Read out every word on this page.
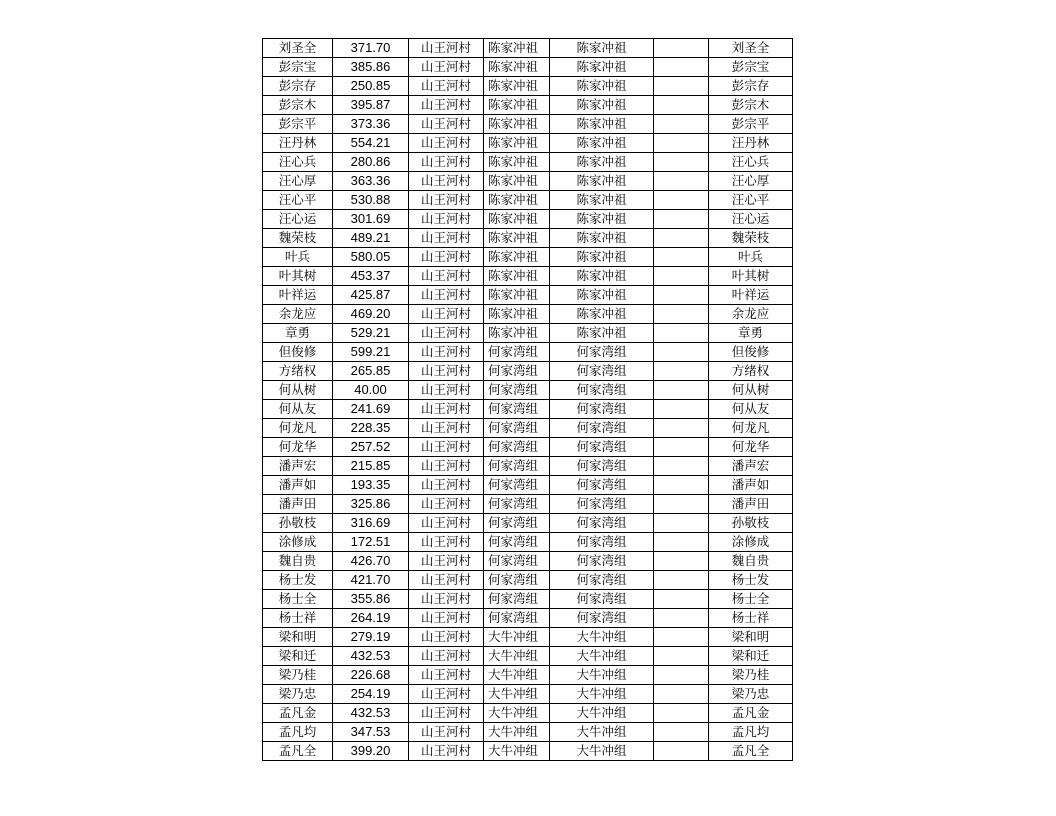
刘圣全	371.70	山王河村	陈家冲祖	陈家冲祖		刘圣全
彭宗宝	385.86	山王河村	陈家冲祖	陈家冲祖		彭宗宝
彭宗存	250.85	山王河村	陈家冲祖	陈家冲祖		彭宗存
彭宗木	395.87	山王河村	陈家冲祖	陈家冲祖		彭宗木
彭宗平	373.36	山王河村	陈家冲祖	陈家冲祖		彭宗平
汪丹林	554.21	山王河村	陈家冲祖	陈家冲祖		汪丹林
汪心兵	280.86	山王河村	陈家冲祖	陈家冲祖		汪心兵
汪心厚	363.36	山王河村	陈家冲祖	陈家冲祖		汪心厚
汪心平	530.88	山王河村	陈家冲祖	陈家冲祖		汪心平
汪心运	301.69	山王河村	陈家冲祖	陈家冲祖		汪心运
魏荣枝	489.21	山王河村	陈家冲祖	陈家冲祖		魏荣枝
叶兵	580.05	山王河村	陈家冲祖	陈家冲祖		叶兵
叶其树	453.37	山王河村	陈家冲祖	陈家冲祖		叶其树
叶祥运	425.87	山王河村	陈家冲祖	陈家冲祖		叶祥运
余龙应	469.20	山王河村	陈家冲祖	陈家冲祖		余龙应
章勇	529.21	山王河村	陈家冲祖	陈家冲祖		章勇
但俊修	599.21	山王河村	何家湾组	何家湾组		但俊修
方绪权	265.85	山王河村	何家湾组	何家湾组		方绪权
何从树	40.00	山王河村	何家湾组	何家湾组		何从树
何从友	241.69	山王河村	何家湾组	何家湾组		何从友
何龙凡	228.35	山王河村	何家湾组	何家湾组		何龙凡
何龙华	257.52	山王河村	何家湾组	何家湾组		何龙华
潘声宏	215.85	山王河村	何家湾组	何家湾组		潘声宏
潘声如	193.35	山王河村	何家湾组	何家湾组		潘声如
潘声田	325.86	山王河村	何家湾组	何家湾组		潘声田
孙敬枝	316.69	山王河村	何家湾组	何家湾组		孙敬枝
涂修成	172.51	山王河村	何家湾组	何家湾组		涂修成
魏自贵	426.70	山王河村	何家湾组	何家湾组		魏自贵
杨士发	421.70	山王河村	何家湾组	何家湾组		杨士发
杨士全	355.86	山王河村	何家湾组	何家湾组		杨士全
杨士祥	264.19	山王河村	何家湾组	何家湾组		杨士祥
梁和明	279.19	山王河村	大牛冲组	大牛冲组		梁和明
梁和迁	432.53	山王河村	大牛冲组	大牛冲组		梁和迁
梁乃桂	226.68	山王河村	大牛冲组	大牛冲组		梁乃桂
梁乃忠	254.19	山王河村	大牛冲组	大牛冲组		梁乃忠
孟凡金	432.53	山王河村	大牛冲组	大牛冲组		孟凡金
孟凡均	347.53	山王河村	大牛冲组	大牛冲组		孟凡均
孟凡全	399.20	山王河村	大牛冲组	大牛冲组		孟凡全
